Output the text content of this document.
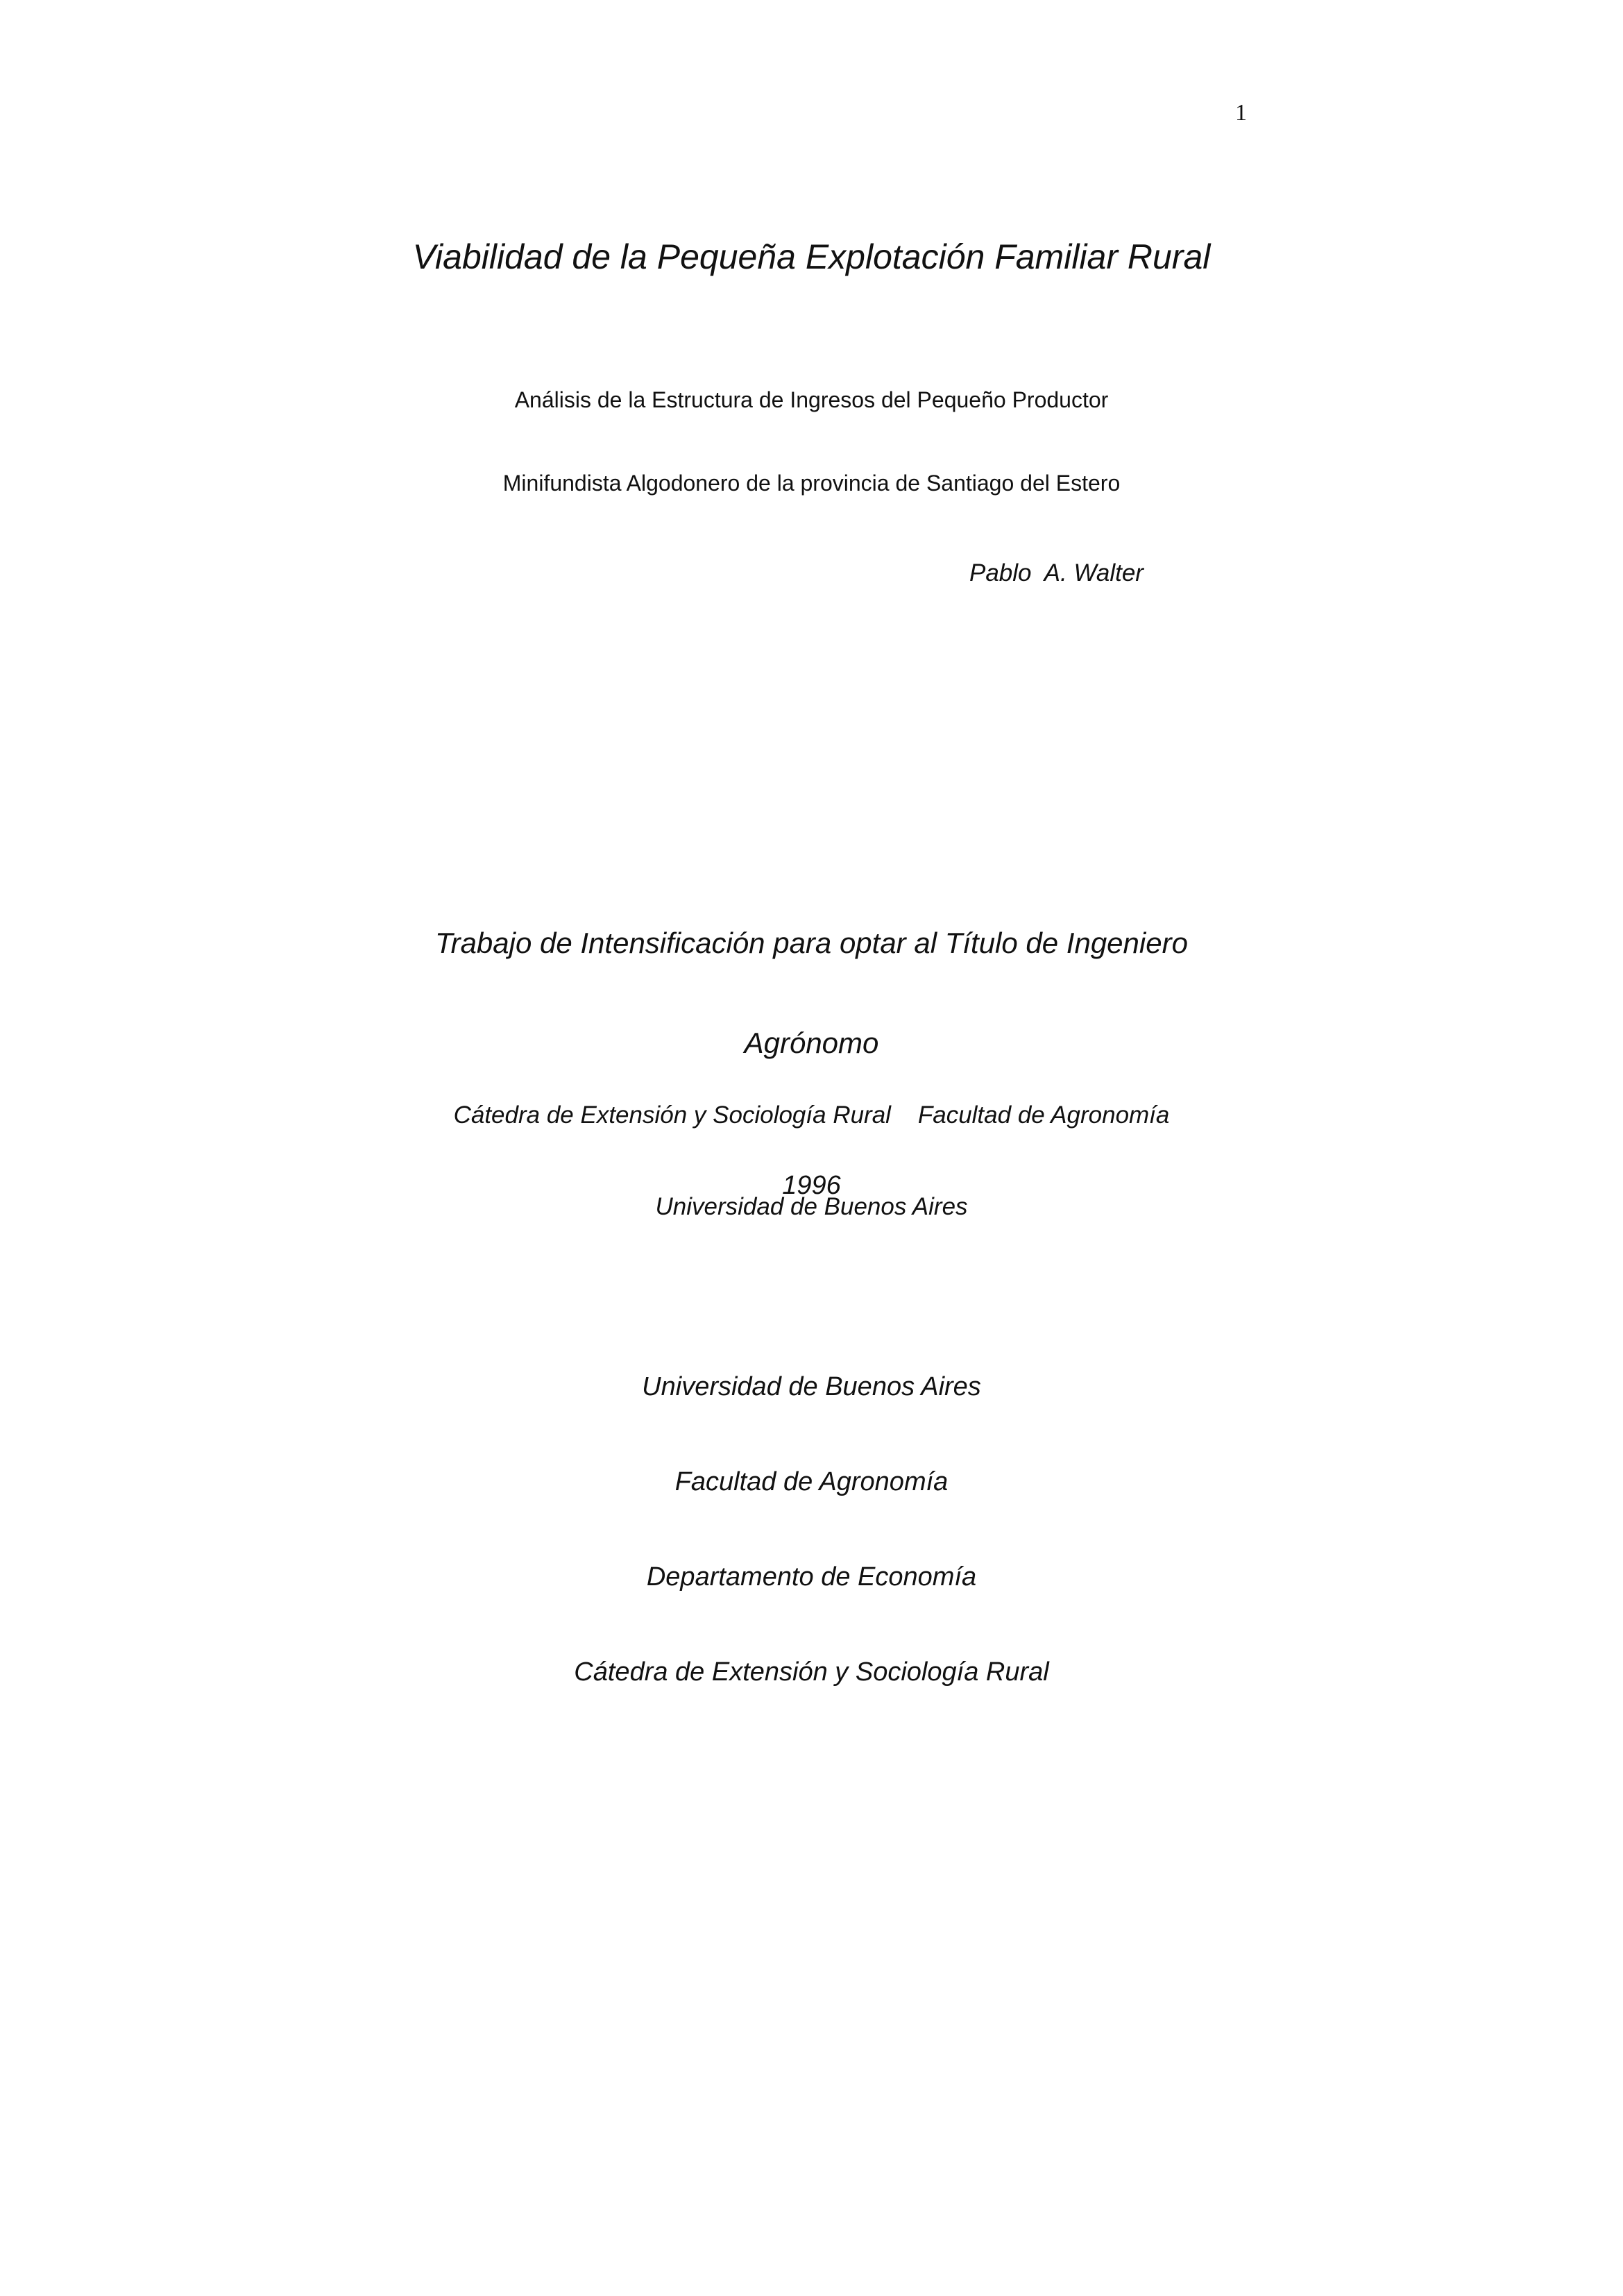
1
Viabilidad de la Pequeña Explotación Familiar Rural

Análisis de la Estructura de Ingresos del Pequeño Productor

Minifundista Algodonero de la provincia de Santiago del Estero

Pablo  A. Walter

Trabajo de Intensificación para optar al Título de Ingeniero

Agrónomo

Cátedra de Extensión y Sociología Rural    Facultad de Agronomía

Universidad de Buenos Aires

1996
Universidad de Buenos Aires
Facultad de Agronomía
Departamento de Economía
Cátedra de Extensión y Sociología Rural
